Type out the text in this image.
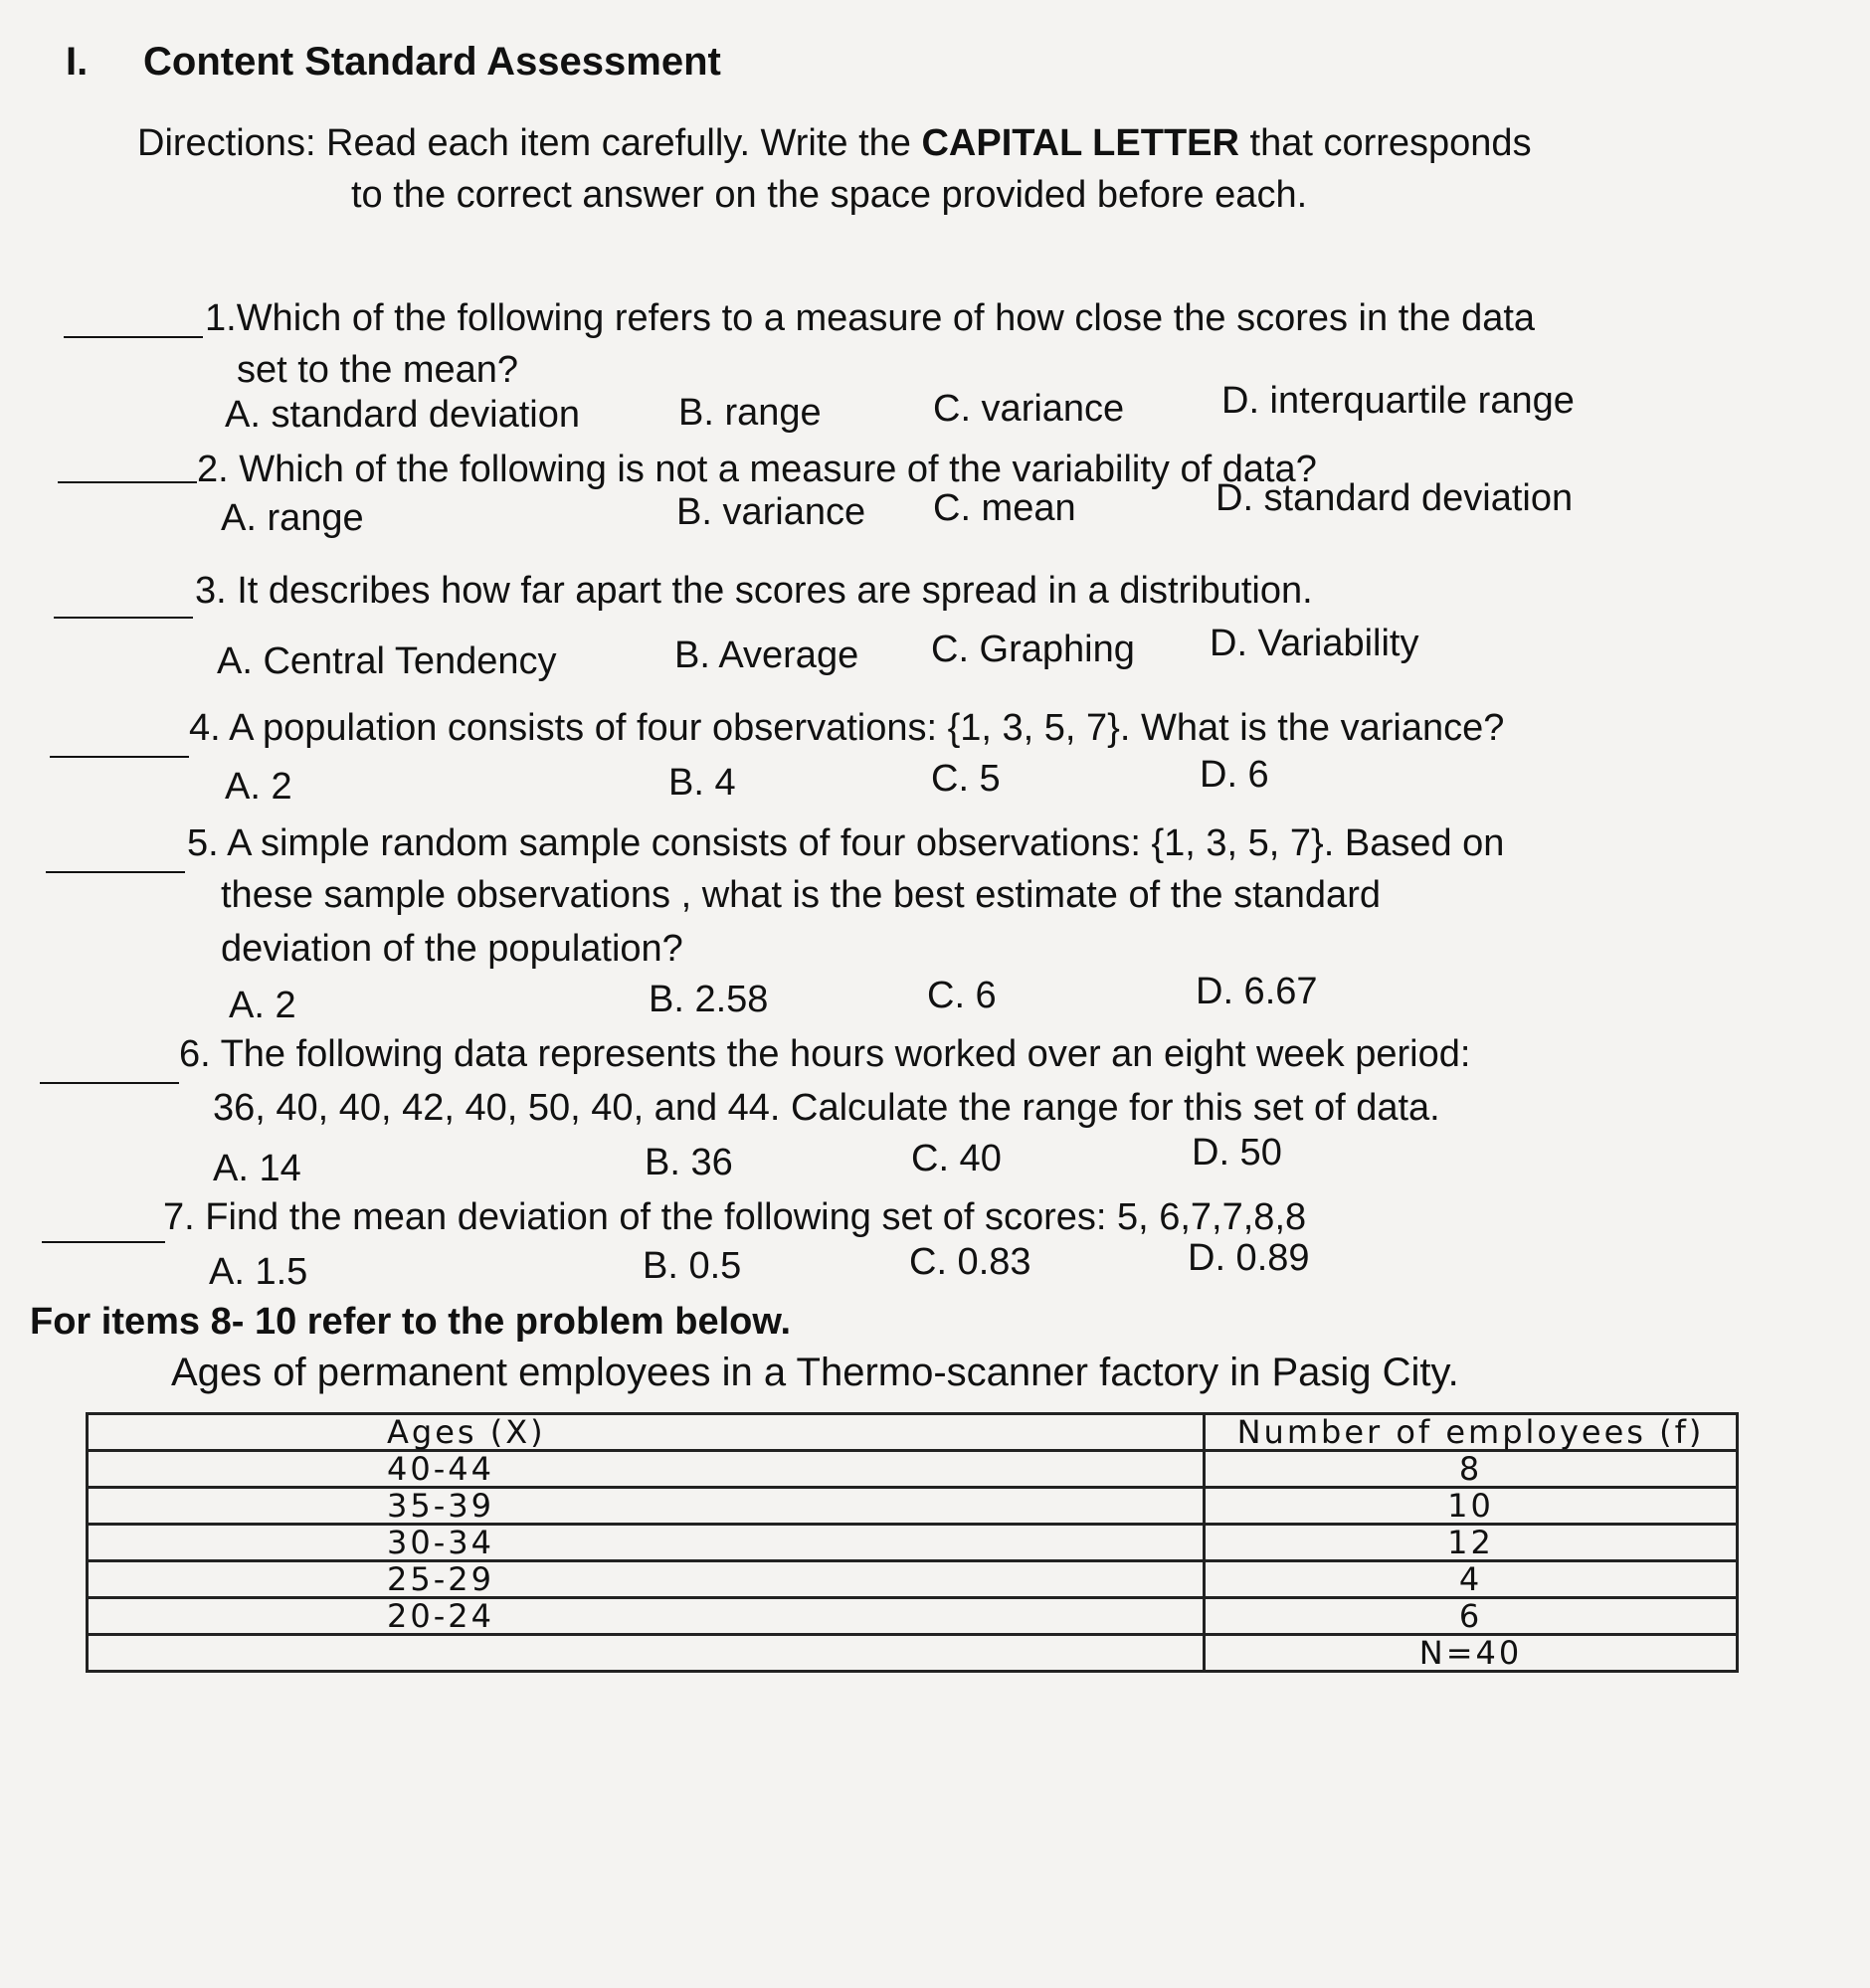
I. Content Standard Assessment
Directions: Read each item carefully. Write the CAPITAL LETTER that corresponds
to the correct answer on the space provided before each.
1.Which of the following refers to a measure of how close the scores in the data
set to the mean?
A. standard deviation	B. range	C. variance	D. interquartile range
2. Which of the following is not a measure of the variability of data?
A. range	B. variance C. mean	D. standard deviation
3. It describes how far apart the scores are spread in a distribution.
A. Central Tendency	B. Average C. Graphing D. Variability
4. A population consists of four observations: {1, 3, 5, 7}. What is the variance?
A. 2	B. 4	C. 5	D. 6
5. A simple random sample consists of four observations: {1, 3, 5, 7}. Based on
these sample observations , what is the best estimate of the standard
deviation of the population?
A. 2	B. 2.58	C. 6	D. 6.67
6. The following data represents the hours worked over an eight week period:
36, 40, 40, 42, 40, 50, 40, and 44. Calculate the range for this set of data.
A. 14	B. 36	C. 40	D. 50
7. Find the mean deviation of the following set of scores: 5, 6,7,7,8,8
A. 1.5	B. 0.5	C. 0.83	D. 0.89
For items 8- 10 refer to the problem below.
Ages of permanent employees in a Thermo-scanner factory in Pasig City.
Ages (X)	Number of employees (f)
40-44	8
35-39	10
30-34	12
25-29	4
20-24	6
	N=40
